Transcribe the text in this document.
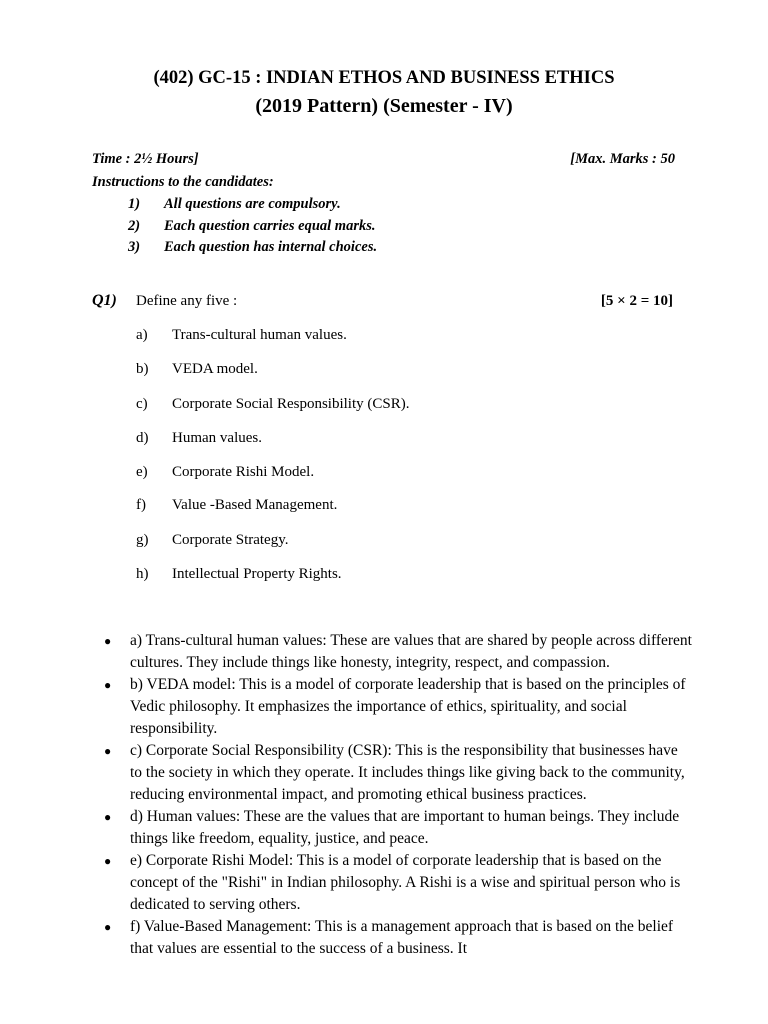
(402) GC-15 : INDIAN ETHOS AND BUSINESS ETHICS
(2019 Pattern) (Semester - IV)
Time : 2½ Hours]	[Max. Marks : 50
Instructions to the candidates:
1) All questions are compulsory.
2) Each question carries equal marks.
3) Each question has internal choices.
Q1) Define any five :	[5 × 2 = 10]
a) Trans-cultural human values.
b) VEDA model.
c) Corporate Social Responsibility (CSR).
d) Human values.
e) Corporate Rishi Model.
f) Value -Based Management.
g) Corporate Strategy.
h) Intellectual Property Rights.
● a) Trans-cultural human values: These are values that are shared by people across different cultures. They include things like honesty, integrity, respect, and compassion.
● b) VEDA model: This is a model of corporate leadership that is based on the principles of Vedic philosophy. It emphasizes the importance of ethics, spirituality, and social responsibility.
● c) Corporate Social Responsibility (CSR): This is the responsibility that businesses have to the society in which they operate. It includes things like giving back to the community, reducing environmental impact, and promoting ethical business practices.
● d) Human values: These are the values that are important to human beings. They include things like freedom, equality, justice, and peace.
● e) Corporate Rishi Model: This is a model of corporate leadership that is based on the concept of the "Rishi" in Indian philosophy. A Rishi is a wise and spiritual person who is dedicated to serving others.
● f) Value-Based Management: This is a management approach that is based on the belief that values are essential to the success of a business. It
